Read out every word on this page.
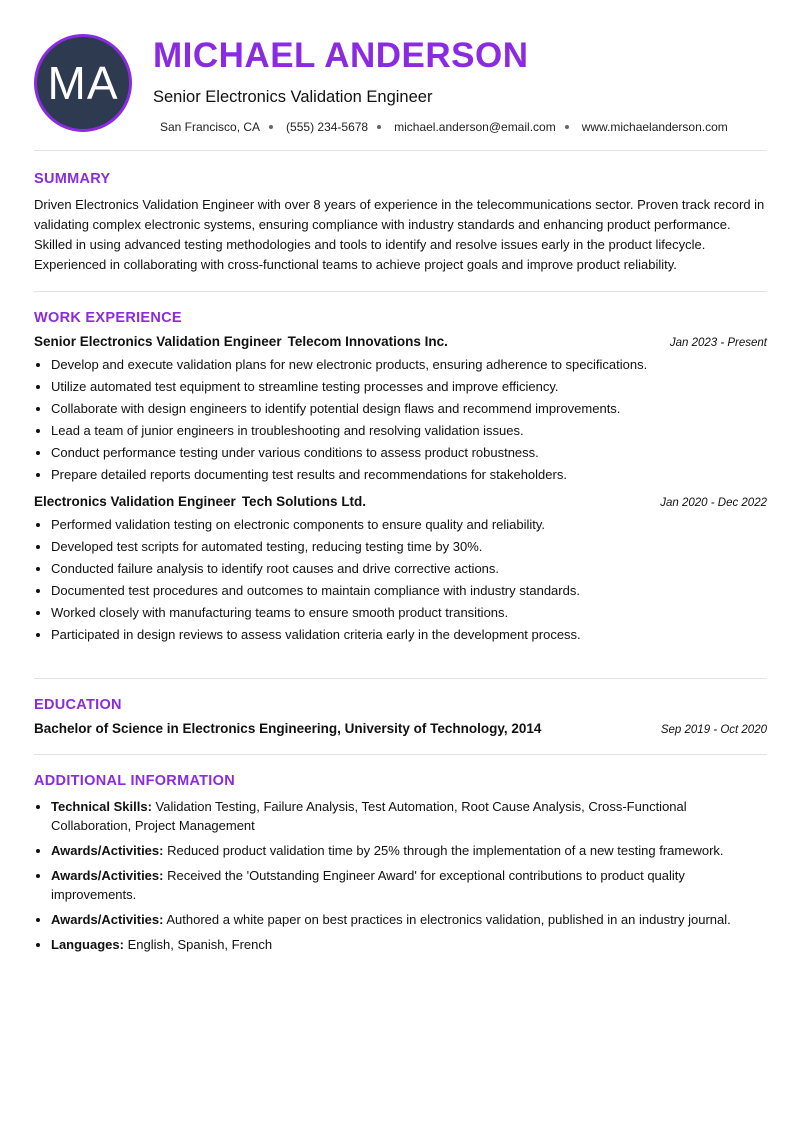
MA
MICHAEL ANDERSON
Senior Electronics Validation Engineer
San Francisco, CA (555) 234-5678 michael.anderson@email.com www.michaelanderson.com
SUMMARY

Driven Electronics Validation Engineer with over 8 years of experience in the telecommunications sector. Proven track record in validating complex electronic systems, ensuring compliance with industry standards and enhancing product performance. Skilled in using advanced testing methodologies and tools to identify and resolve issues early in the product lifecycle. Experienced in collaborating with cross-functional teams to achieve project goals and improve product reliability.

WORK EXPERIENCE
Senior Electronics Validation Engineer Telecom Innovations Inc.	Jan 2023 - Present
• Develop and execute validation plans for new electronic products, ensuring adherence to specifications.
• Utilize automated test equipment to streamline testing processes and improve efficiency.
• Collaborate with design engineers to identify potential design flaws and recommend improvements.
• Lead a team of junior engineers in troubleshooting and resolving validation issues.
• Conduct performance testing under various conditions to assess product robustness.
• Prepare detailed reports documenting test results and recommendations for stakeholders.
Electronics Validation Engineer Tech Solutions Ltd.	Jan 2020 - Dec 2022
• Performed validation testing on electronic components to ensure quality and reliability.
• Developed test scripts for automated testing, reducing testing time by 30%.
• Conducted failure analysis to identify root causes and drive corrective actions.
• Documented test procedures and outcomes to maintain compliance with industry standards.
• Worked closely with manufacturing teams to ensure smooth product transitions.
• Participated in design reviews to assess validation criteria early in the development process.
EDUCATION
Bachelor of Science in Electronics Engineering, University of Technology, 2014	Sep 2019 - Oct 2020
ADDITIONAL INFORMATION
• Technical Skills: Validation Testing, Failure Analysis, Test Automation, Root Cause Analysis, Cross-Functional Collaboration, Project Management
• Awards/Activities: Reduced product validation time by 25% through the implementation of a new testing framework.
• Awards/Activities: Received the 'Outstanding Engineer Award' for exceptional contributions to product quality improvements.
• Awards/Activities: Authored a white paper on best practices in electronics validation, published in an industry journal.
• Languages: English, Spanish, French
